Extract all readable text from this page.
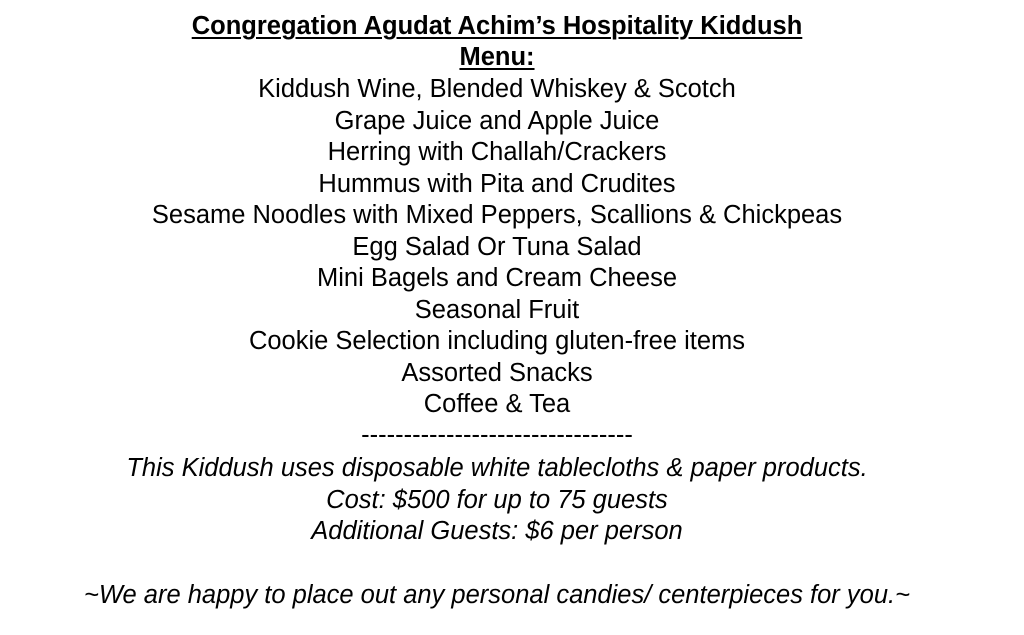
Congregation Agudat Achim’s Hospitality Kiddush
Menu:
Kiddush Wine, Blended Whiskey & Scotch
Grape Juice and Apple Juice
Herring with Challah/Crackers
Hummus with Pita and Crudites
Sesame Noodles with Mixed Peppers, Scallions & Chickpeas
Egg Salad Or Tuna Salad
Mini Bagels and Cream Cheese
Seasonal Fruit
Cookie Selection including gluten-free items
Assorted Snacks
Coffee & Tea
--------------------------------
This Kiddush uses disposable white tablecloths & paper products.
Cost: $500 for up to 75 guests
Additional Guests: $6 per person
~We are happy to place out any personal candies/ centerpieces for you.~
